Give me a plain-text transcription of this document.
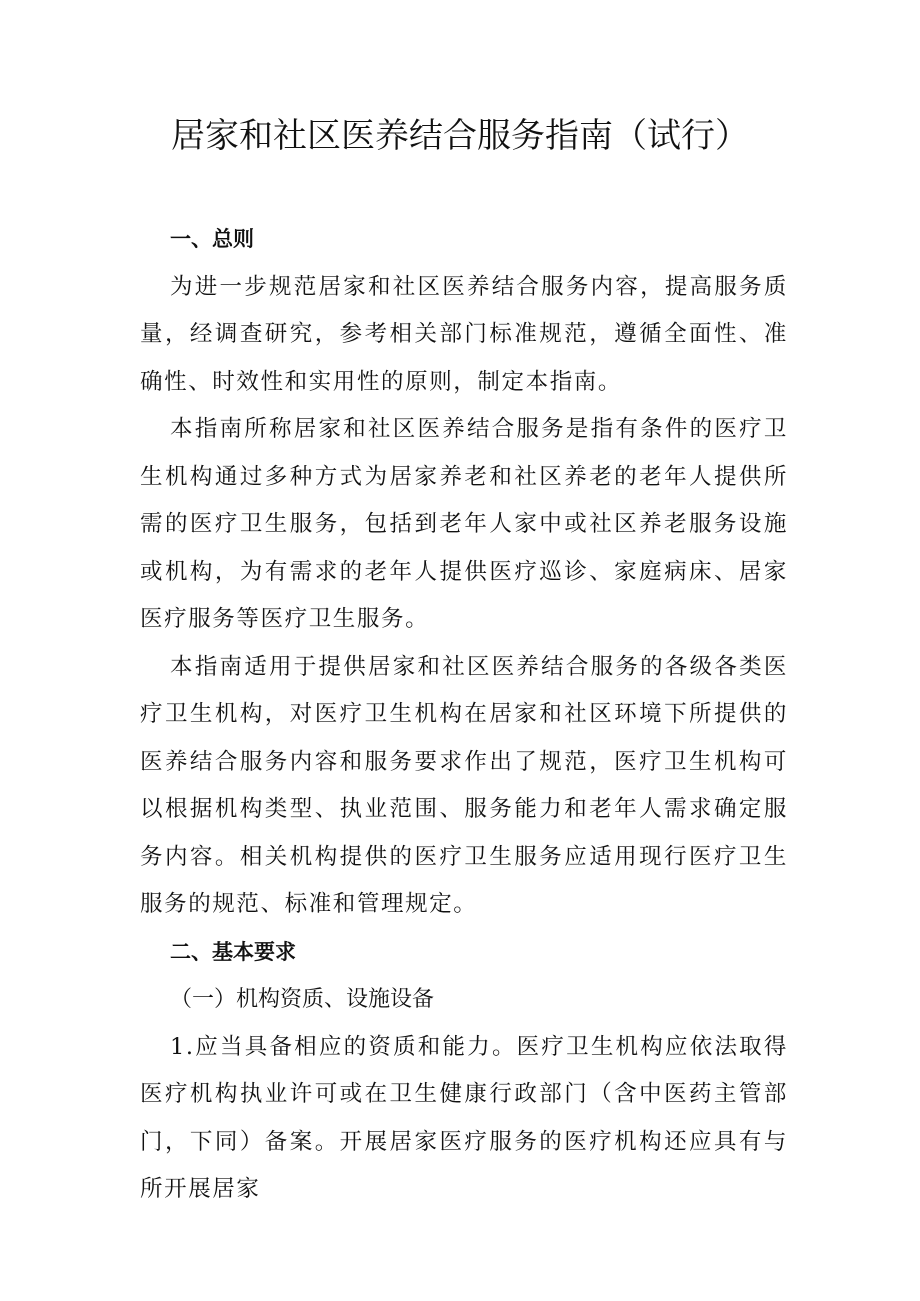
居家和社区医养结合服务指南（试行）
一、总则

为进一步规范居家和社区医养结合服务内容，提高服务质量，经调查研究，参考相关部门标准规范，遵循全面性、准确性、时效性和实用性的原则，制定本指南。

本指南所称居家和社区医养结合服务是指有条件的医疗卫生机构通过多种方式为居家养老和社区养老的老年人提供所需的医疗卫生服务，包括到老年人家中或社区养老服务设施或机构，为有需求的老年人提供医疗巡诊、家庭病床、居家医疗服务等医疗卫生服务。

本指南适用于提供居家和社区医养结合服务的各级各类医疗卫生机构，对医疗卫生机构在居家和社区环境下所提供的医养结合服务内容和服务要求作出了规范，医疗卫生机构可以根据机构类型、执业范围、服务能力和老年人需求确定服务内容。相关机构提供的医疗卫生服务应适用现行医疗卫生服务的规范、标准和管理规定。

二、基本要求

（一）机构资质、设施设备

1.应当具备相应的资质和能力。医疗卫生机构应依法取得医疗机构执业许可或在卫生健康行政部门（含中医药主管部门，下同）备案。开展居家医疗服务的医疗机构还应具有与所开展居家
